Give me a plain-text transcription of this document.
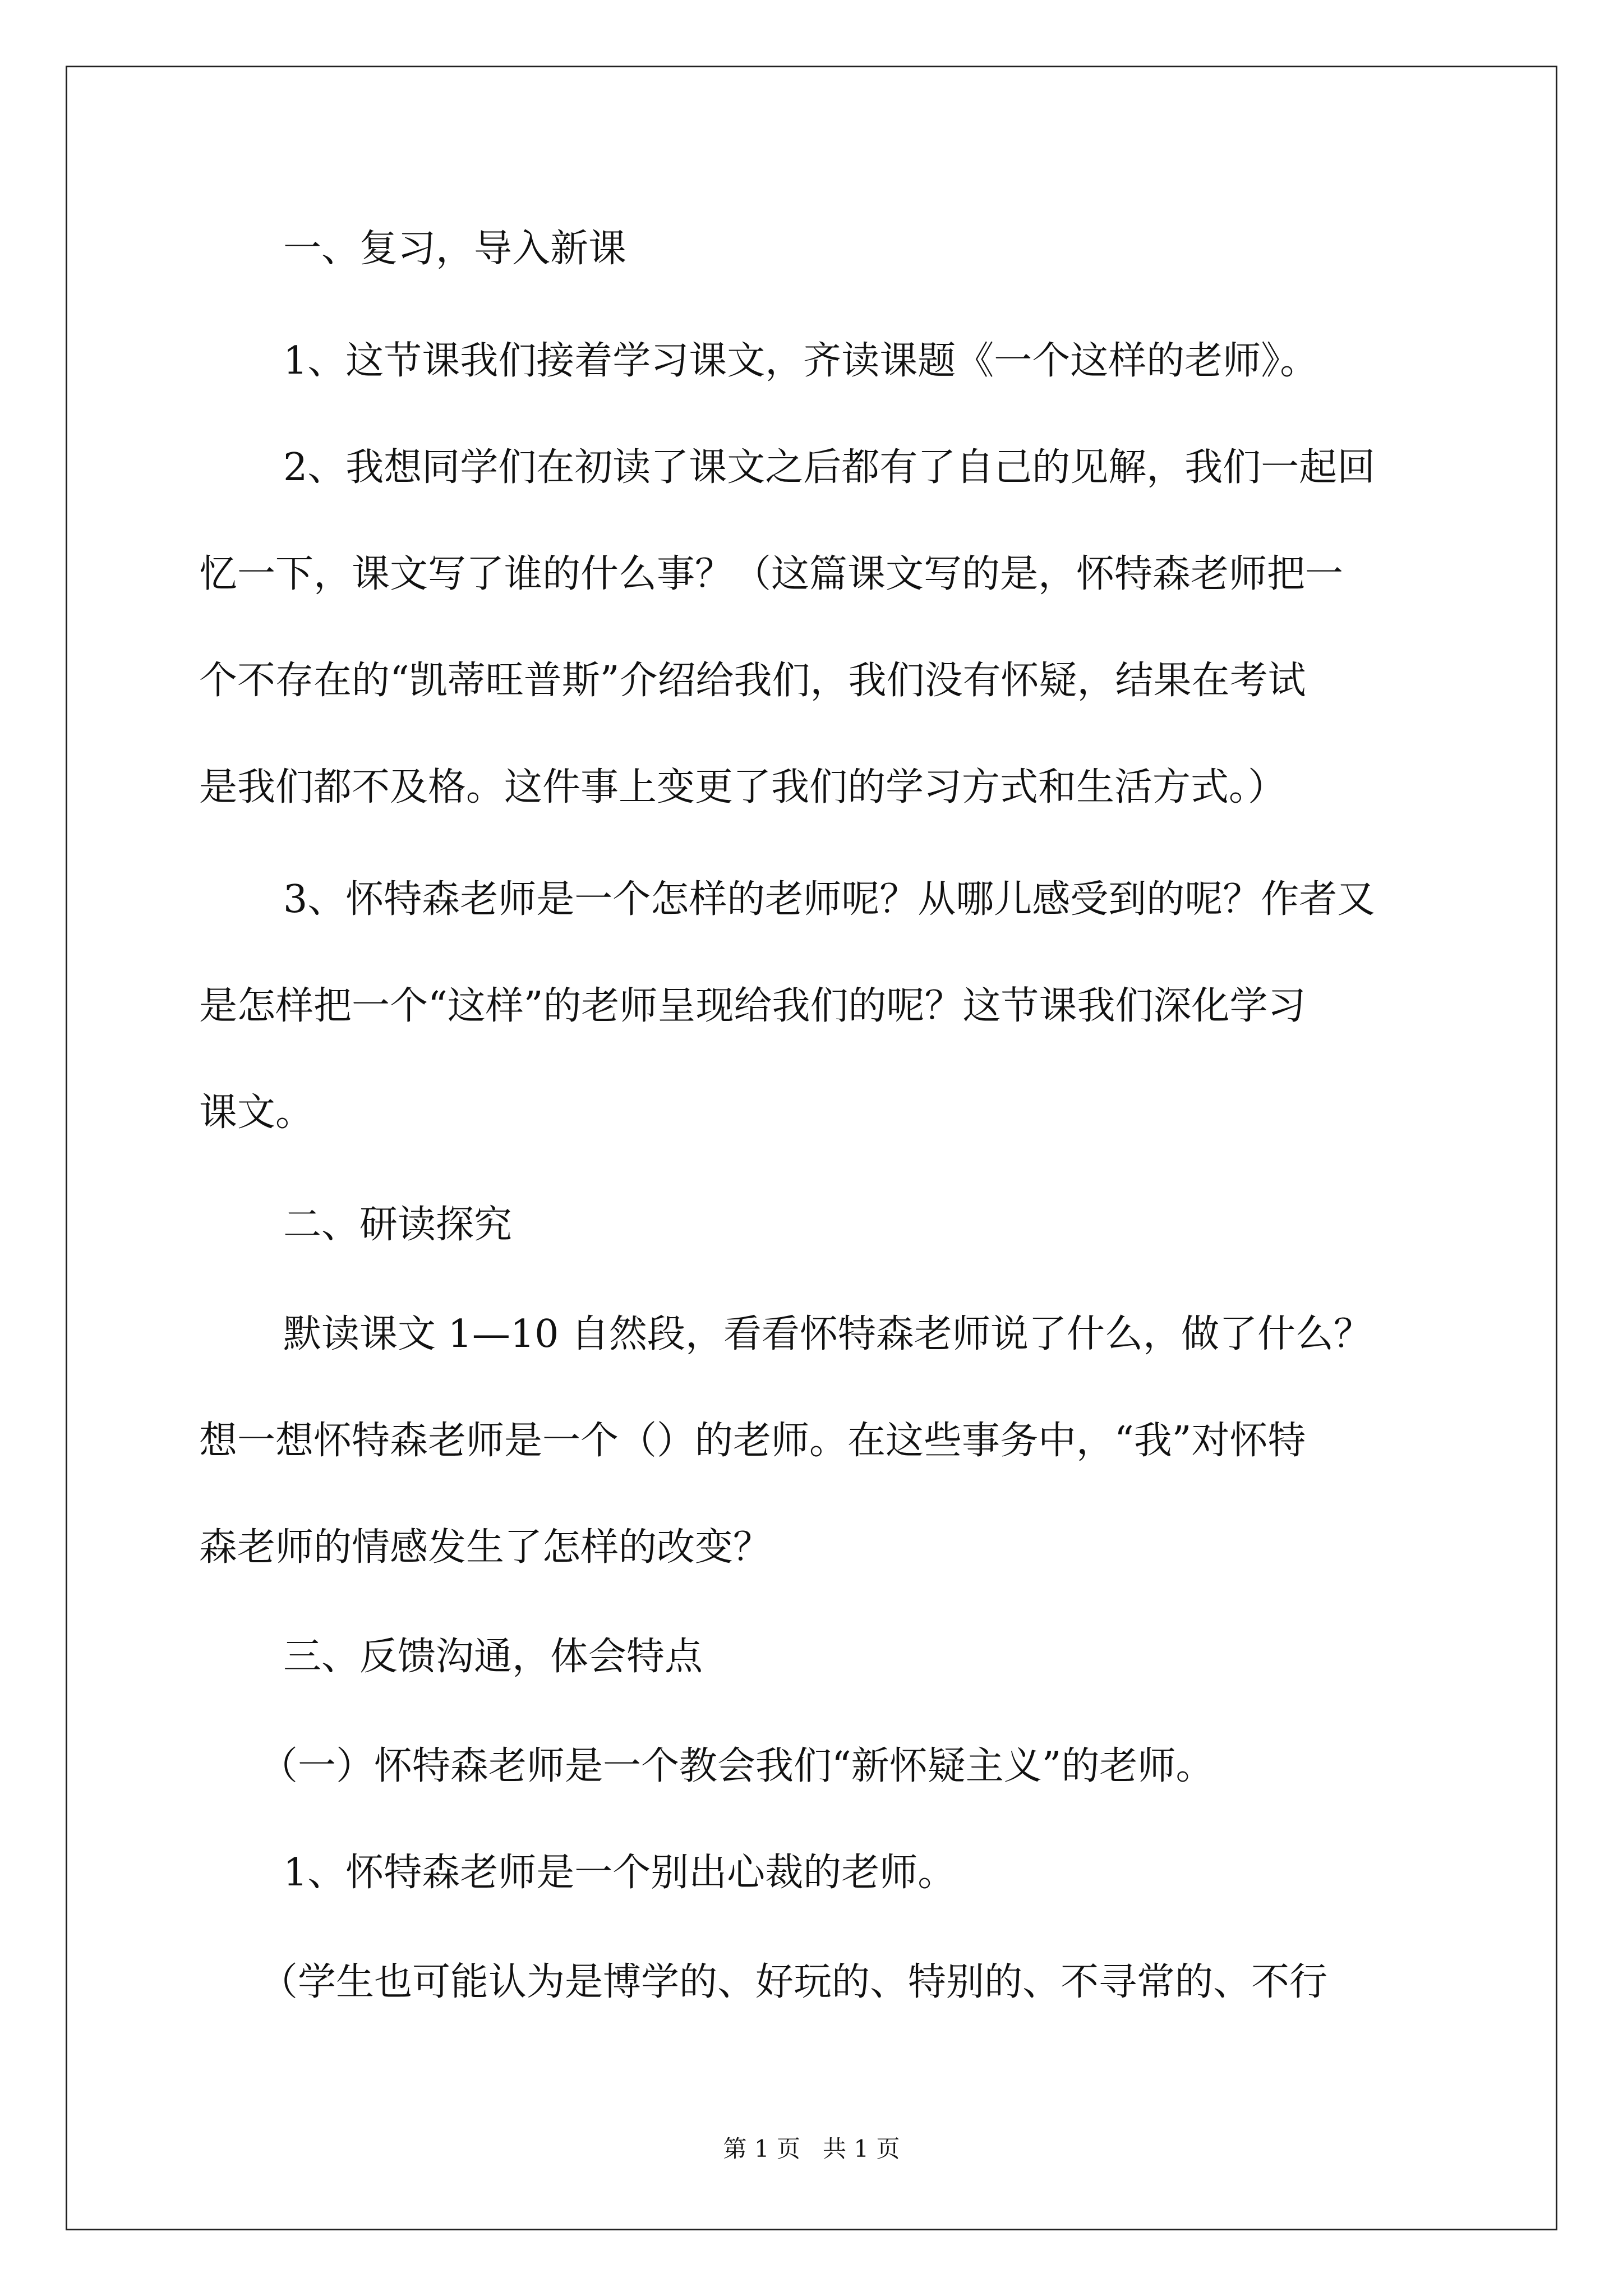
一、复习，导入新课
1、这节课我们接着学习课文，齐读课题《一个这样的老师》。
2、我想同学们在初读了课文之后都有了自己的见解，我们一起回
忆一下，课文写了谁的什么事？（这篇课文写的是，怀特森老师把一
个不存在的“凯蒂旺普斯”介绍给我们，我们没有怀疑，结果在考试
是我们都不及格。这件事上变更了我们的学习方式和生活方式。）
3、怀特森老师是一个怎样的老师呢？从哪儿感受到的呢？作者又
是怎样把一个“这样”的老师呈现给我们的呢？这节课我们深化学习
课文。
二、研读探究
默读课文 1—10 自然段，看看怀特森老师说了什么，做了什么？
想一想怀特森老师是一个（）的老师。在这些事务中，“我”对怀特
森老师的情感发生了怎样的改变？
三、反馈沟通，体会特点
（一）怀特森老师是一个教会我们“新怀疑主义”的老师。
1、怀特森老师是一个别出心裁的老师。
（学生也可能认为是博学的、好玩的、特别的、不寻常的、不行
第 1 页   共 1 页
